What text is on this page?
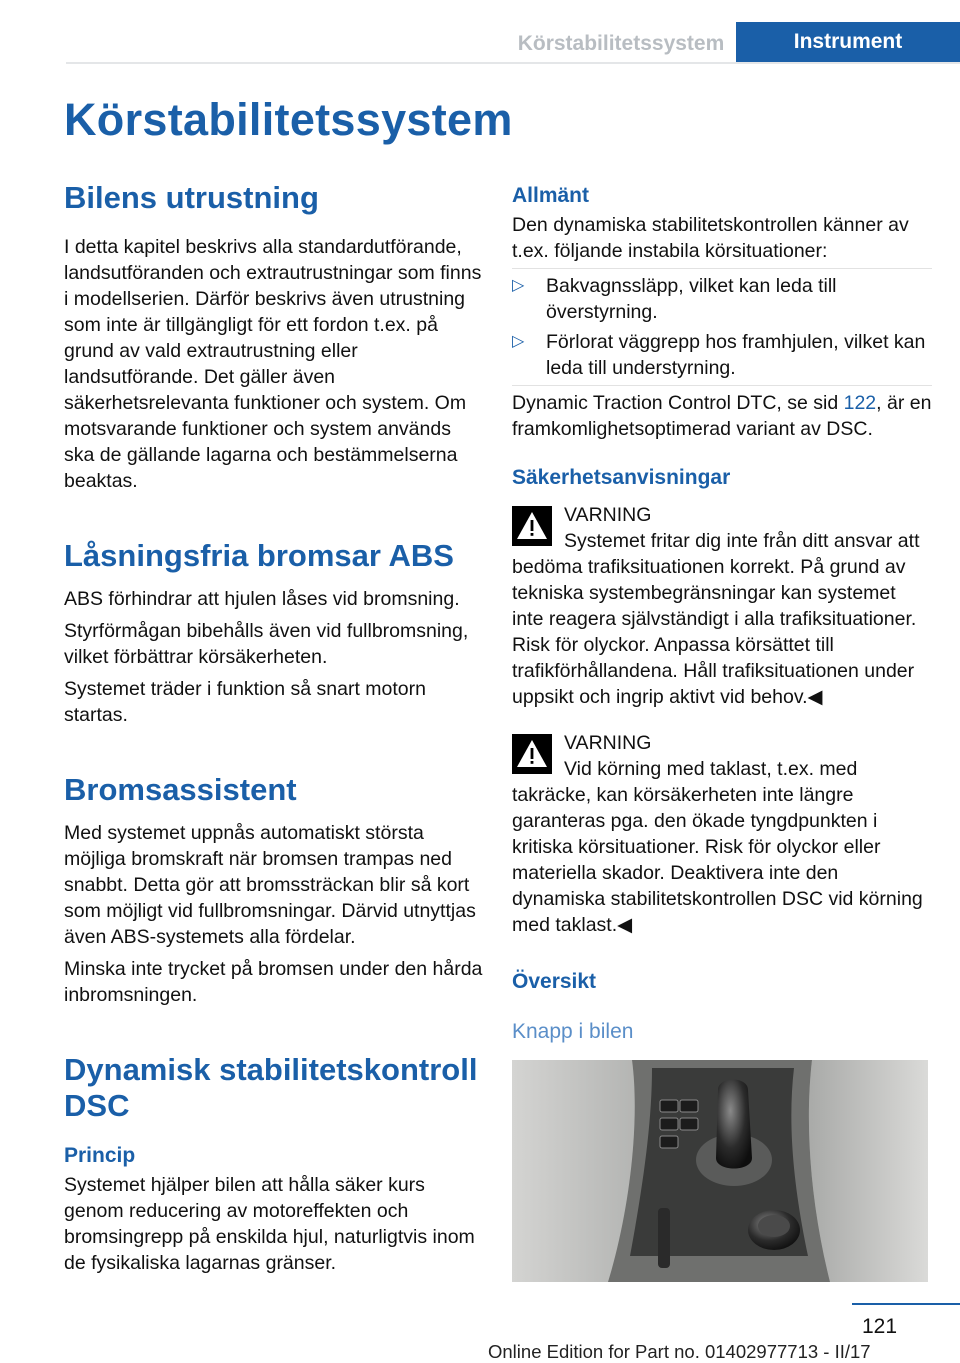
Körstabilitetssystem	Instrument
Körstabilitetssystem
Bilens utrustning

I detta kapitel beskrivs alla standardutförande, landsutföranden och extrautrustningar som finns i modellserien. Därför beskrivs även utrustning som inte är tillgängligt för ett fordon t.ex. på grund av vald extrautrustning eller landsutförande. Det gäller även säkerhetsrelevanta funktioner och system. Om motsvarande funktioner och system används ska de gällande lagarna och bestämmelserna beaktas.

Låsningsfria bromsar ABS

ABS förhindrar att hjulen låses vid bromsning.

Styrförmågan bibehålls även vid fullbromsning, vilket förbättrar körsäkerheten.

Systemet träder i funktion så snart motorn startas.

Bromsassistent

Med systemet uppnås automatiskt största möjliga bromskraft när bromsen trampas ned snabbt. Detta gör att bromssträckan blir så kort som möjligt vid fullbromsningar. Därvid utnyttjas även ABS-systemets alla fördelar.

Minska inte trycket på bromsen under den hårda inbromsningen.

Dynamisk stabilitetskontroll DSC
Princip

Systemet hjälper bilen att hålla säker kurs genom reducering av motoreffekten och bromsingrepp på enskilda hjul, naturligtvis inom de fysikaliska lagarnas gränser.

Allmänt

Den dynamiska stabilitetskontrollen känner av t.ex. följande instabila körsituationer:

▷ Bakvagnssläpp, vilket kan leda till överstyrning.
▷ Förlorat väggrepp hos framhjulen, vilket kan leda till understyrning.

Dynamic Traction Control DTC, se sid 122, är en framkomlighetsoptimerad variant av DSC.

Säkerhetsanvisningar

VARNING

Systemet fritar dig inte från ditt ansvar att bedöma trafiksituationen korrekt. På grund av tekniska systembegränsningar kan systemet inte reagera självständigt i alla trafiksituationer. Risk för olyckor. Anpassa körsättet till trafikförhållandena. Håll trafiksituationen under uppsikt och ingrip aktivt vid behov.◀

VARNING

Vid körning med taklast, t.ex. med takräcke, kan körsäkerheten inte längre garanteras pga. den ökade tyngdpunkten i kritiska körsituationer. Risk för olyckor eller materiella skador. Deaktivera inte den dynamiska stabilitetskontrollen DSC vid körning med taklast.◀

Översikt
Knapp i bilen
121
Online Edition for Part no. 01402977713 - II/17
